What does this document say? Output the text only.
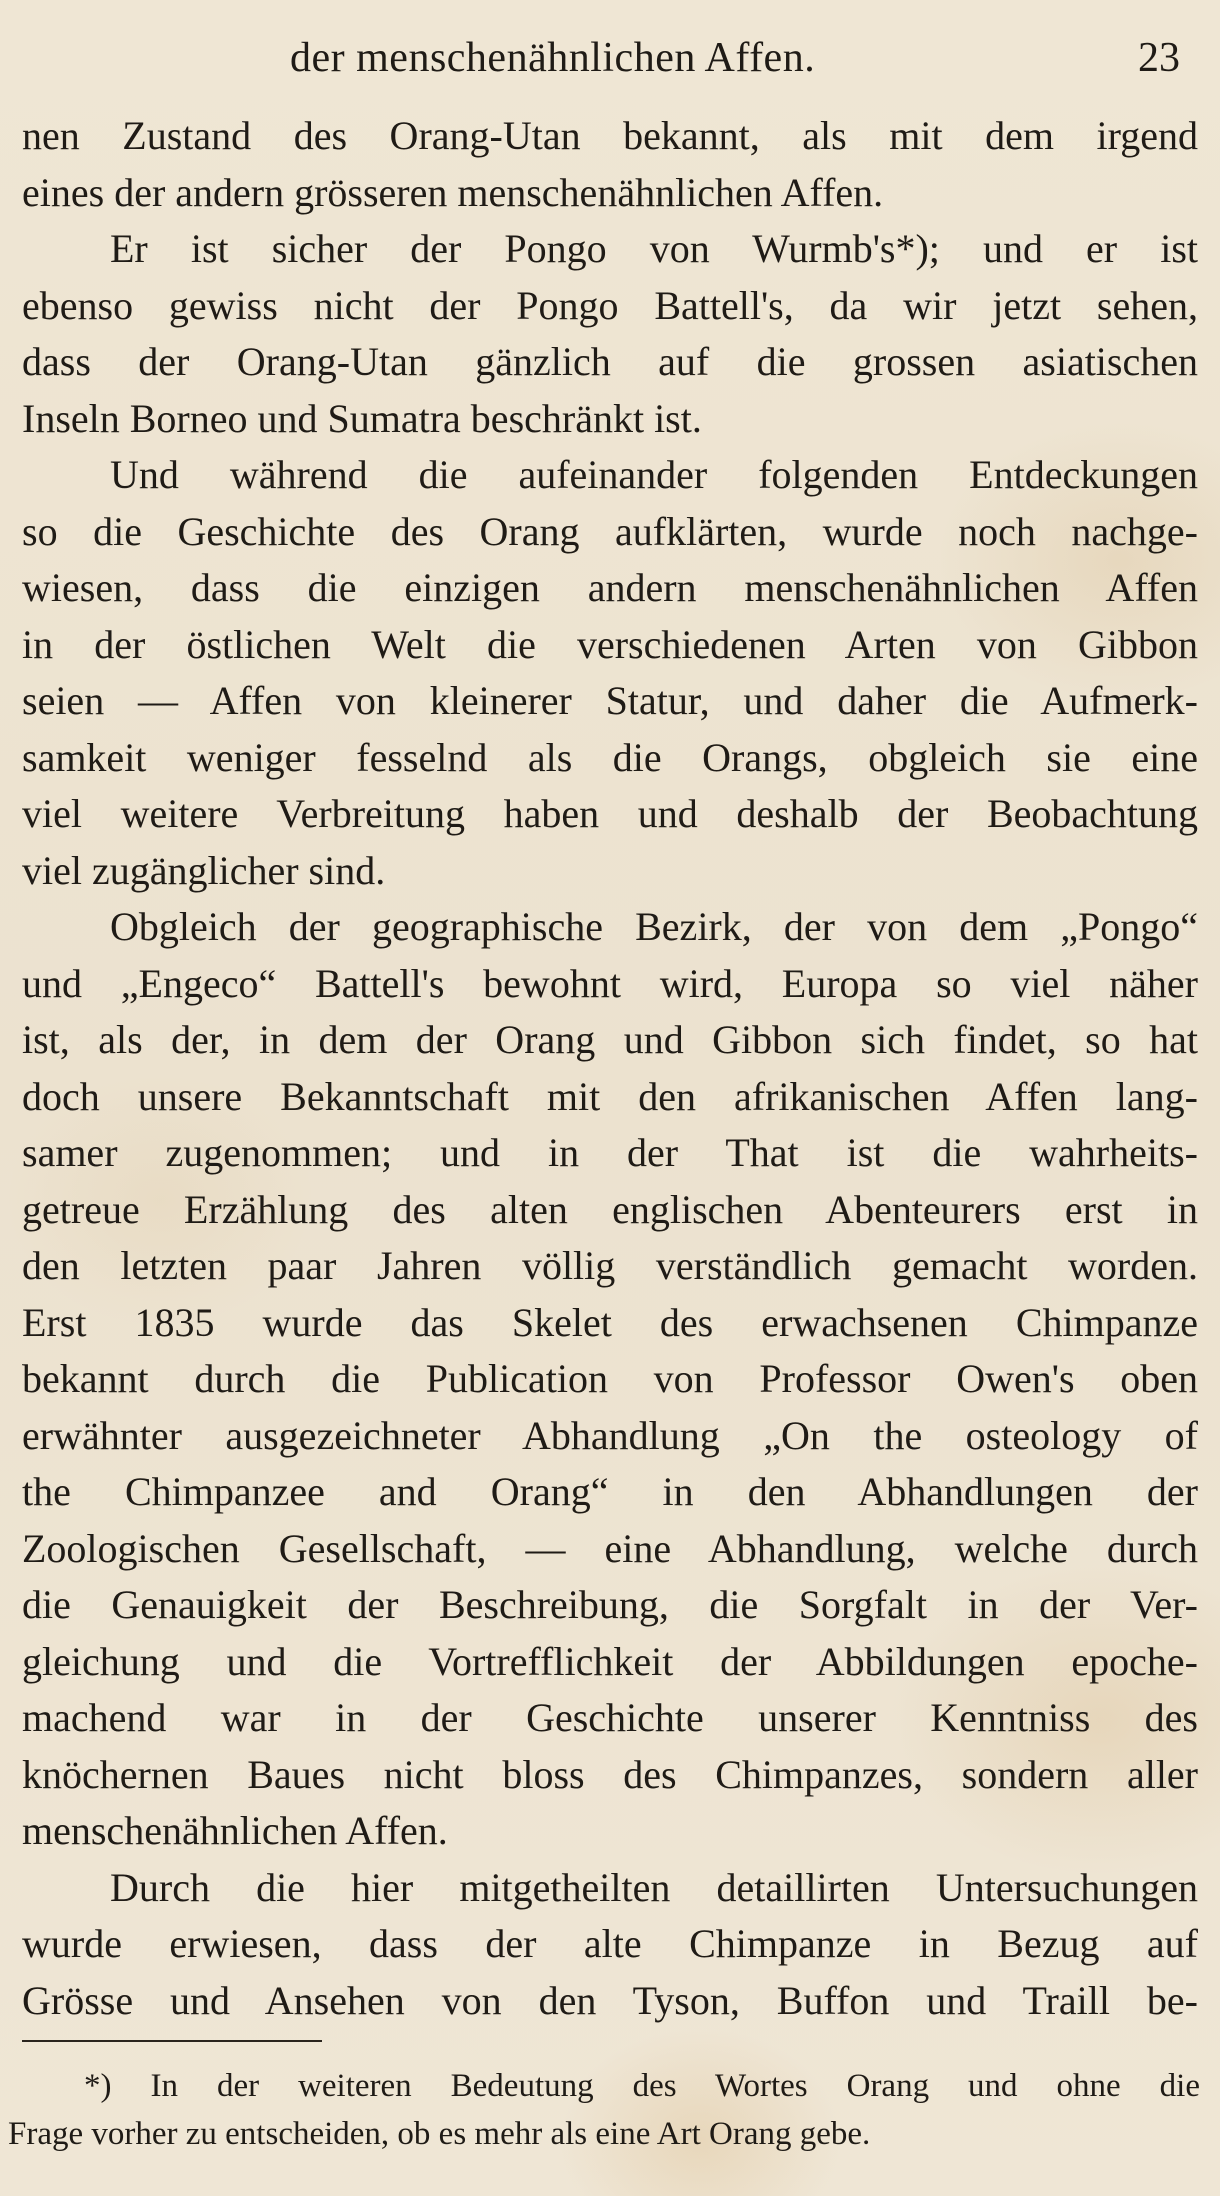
der menschenähnlichen Affen.	23
nen Zustand des Orang-Utan bekannt, als mit dem irgend
eines der andern grösseren menschenähnlichen Affen.
Er ist sicher der Pongo von Wurmb's*); und er ist
ebenso gewiss nicht der Pongo Battell's, da wir jetzt sehen,
dass der Orang-Utan gänzlich auf die grossen asiatischen
Inseln Borneo und Sumatra beschränkt ist.
Und während die aufeinander folgenden Entdeckungen
so die Geschichte des Orang aufklärten, wurde noch nachge-
wiesen, dass die einzigen andern menschenähnlichen Affen
in der östlichen Welt die verschiedenen Arten von Gibbon
seien — Affen von kleinerer Statur, und daher die Aufmerk-
samkeit weniger fesselnd als die Orangs, obgleich sie eine
viel weitere Verbreitung haben und deshalb der Beobachtung
viel zugänglicher sind.
Obgleich der geographische Bezirk, der von dem „Pongo“
und „Engeco“ Battell's bewohnt wird, Europa so viel näher
ist, als der, in dem der Orang und Gibbon sich findet, so hat
doch unsere Bekanntschaft mit den afrikanischen Affen lang-
samer zugenommen; und in der That ist die wahrheits-
getreue Erzählung des alten englischen Abenteurers erst in
den letzten paar Jahren völlig verständlich gemacht worden.
Erst 1835 wurde das Skelet des erwachsenen Chimpanze
bekannt durch die Publication von Professor Owen's oben
erwähnter ausgezeichneter Abhandlung „On the osteology of
the Chimpanzee and Orang“ in den Abhandlungen der
Zoologischen Gesellschaft, — eine Abhandlung, welche durch
die Genauigkeit der Beschreibung, die Sorgfalt in der Ver-
gleichung und die Vortrefflichkeit der Abbildungen epoche-
machend war in der Geschichte unserer Kenntniss des
knöchernen Baues nicht bloss des Chimpanzes, sondern aller
menschenähnlichen Affen.
Durch die hier mitgetheilten detaillirten Untersuchungen
wurde erwiesen, dass der alte Chimpanze in Bezug auf
Grösse und Ansehen von den Tyson, Buffon und Traill be-
*) In der weiteren Bedeutung des Wortes Orang und ohne die
Frage vorher zu entscheiden, ob es mehr als eine Art Orang gebe.
